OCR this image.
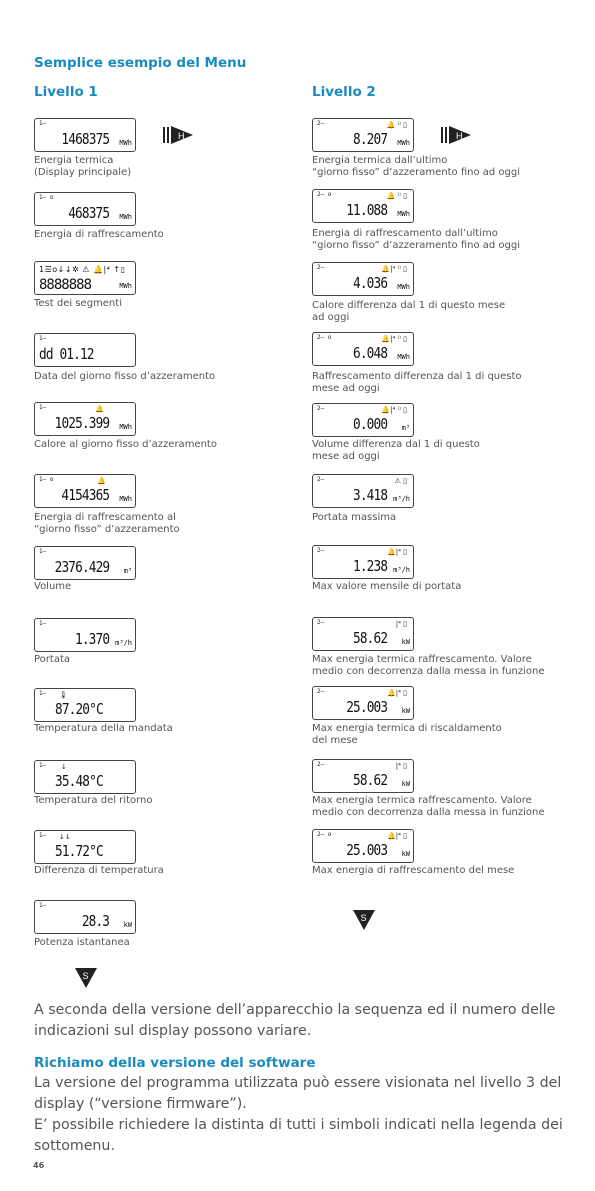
Semplice esempio del Menu
Livello 1	Livello 2
1—
1468375 MWh
Energia termica
(Display principale)
1— o
468375 MWh
Energia di raffrescamento
1☰o↓↓✲ ⚠ 🔔|⁴ ↑▯
8888888	MWh
Test dei segmenti
1—
dd 01.12
Data del giorno fisso d’azzeramento
1—	🔔
1025.399 MWh
Calore al giorno fisso d’azzeramento
1— o	🔔
4154365 MWh
Energia di raffrescamento al
“giorno fisso” d’azzeramento
1—
2376.429 m³
Volume
1—
1.370 m³/h
Portata
1— 🌡
87.20°C
Temperatura della mandata
1— ↓
35.48°C
Temperatura del ritorno
1— ↓↓
51.72°C
Differenza di temperatura
1—
28.3 kW
Potenza istantanea
2—	🔔 ⁾⁾ ▯
8.207 MWh
Energia termica dall’ultimo
“giorno fisso” d’azzeramento fino ad oggi
2— o	🔔 ⁾⁾ ▯
11.088 MWh
Energia di raffrescamento dall’ultimo
“giorno fisso” d’azzeramento fino ad oggi
2—	🔔|⁴ ⁾⁾ ▯
4.036 MWh
Calore differenza dal 1 di questo mese
ad oggi
2— o	🔔|⁴ ⁾⁾ ▯
6.048 MWh
Raffrescamento differenza dal 1 di questo
mese ad oggi
2—	🔔|⁴ ⁾⁾ ▯
0.000 m³
Volume differenza dal 1 di questo
mese ad oggi
2—	⚠ ▯
3.418 m³/h
Portata massima
2—	🔔|⁴ ▯
1.238 m³/h
Max valore mensile di portata
2—	|⁴ ▯
58.62 kW
Max energia termica raffrescamento. Valore
medio con decorrenza dalla messa in funzione
2—	🔔|⁴ ▯
25.003 kW
Max energia termica di riscaldamento
del mese
2—	|⁴ ▯
58.62 kW
Max energia termica raffrescamento. Valore
medio con decorrenza dalla messa in funzione
2— o	🔔|⁴ ▯
25.003 kW
Max energia di raffrescamento del mese
H	H
S
S
A seconda della versione dell’apparecchio la sequenza ed il numero delle
indicazioni sul display possono variare.
Richiamo della versione del software
La versione del programma utilizzata può essere visionata nel livello 3 del
display (“versione firmware”).
E’ possibile richiedere la distinta di tutti i simboli indicati nella legenda dei
sottomenu.
46
